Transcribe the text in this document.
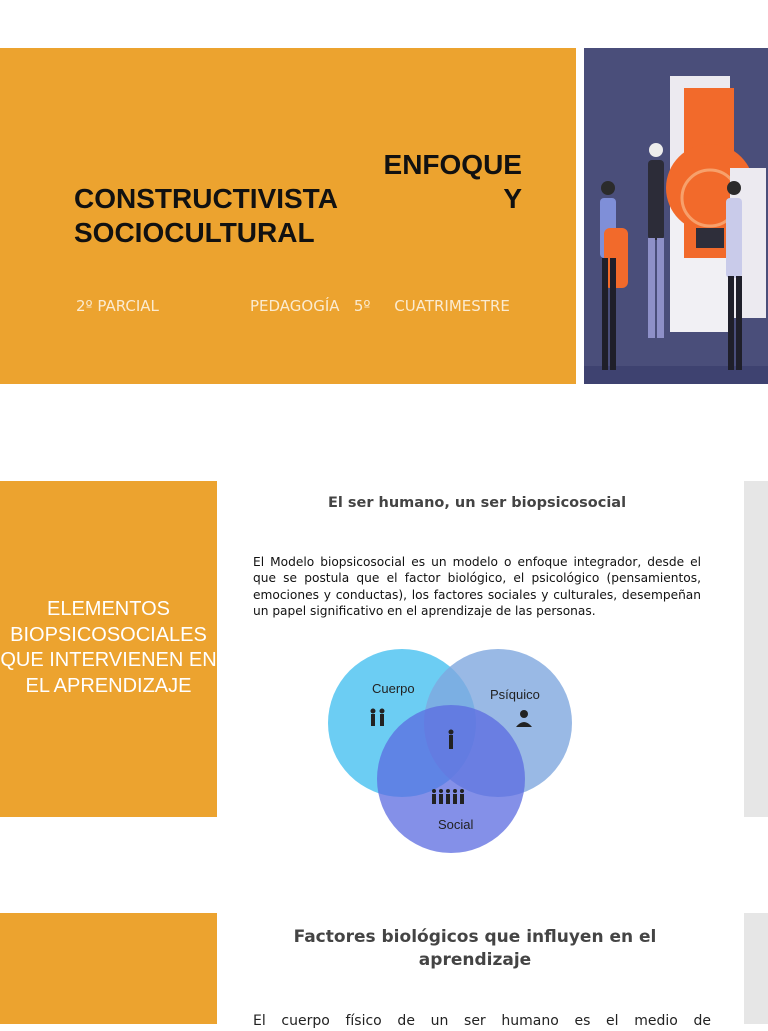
ENFOQUE
CONSTRUCTIVISTA	Y
SOCIOCULTURAL
2º PARCIAL	PEDAGOGÍA   5º     CUATRIMESTRE
ELEMENTOS BIOPSICOSOCIALES QUE INTERVIENEN EN EL APRENDIZAJE
El ser humano, un ser biopsicosocial
El Modelo biopsicosocial es un modelo o enfoque integrador, desde el que se postula que el factor biológico, el psicológico (pensamientos, emociones y conductas), los factores sociales y culturales, desempeñan un papel significativo en el aprendizaje de las personas.
Cuerpo	Psíquico
Social
Factores biológicos que influyen en el aprendizaje
El cuerpo físico de un ser humano es el medio de
